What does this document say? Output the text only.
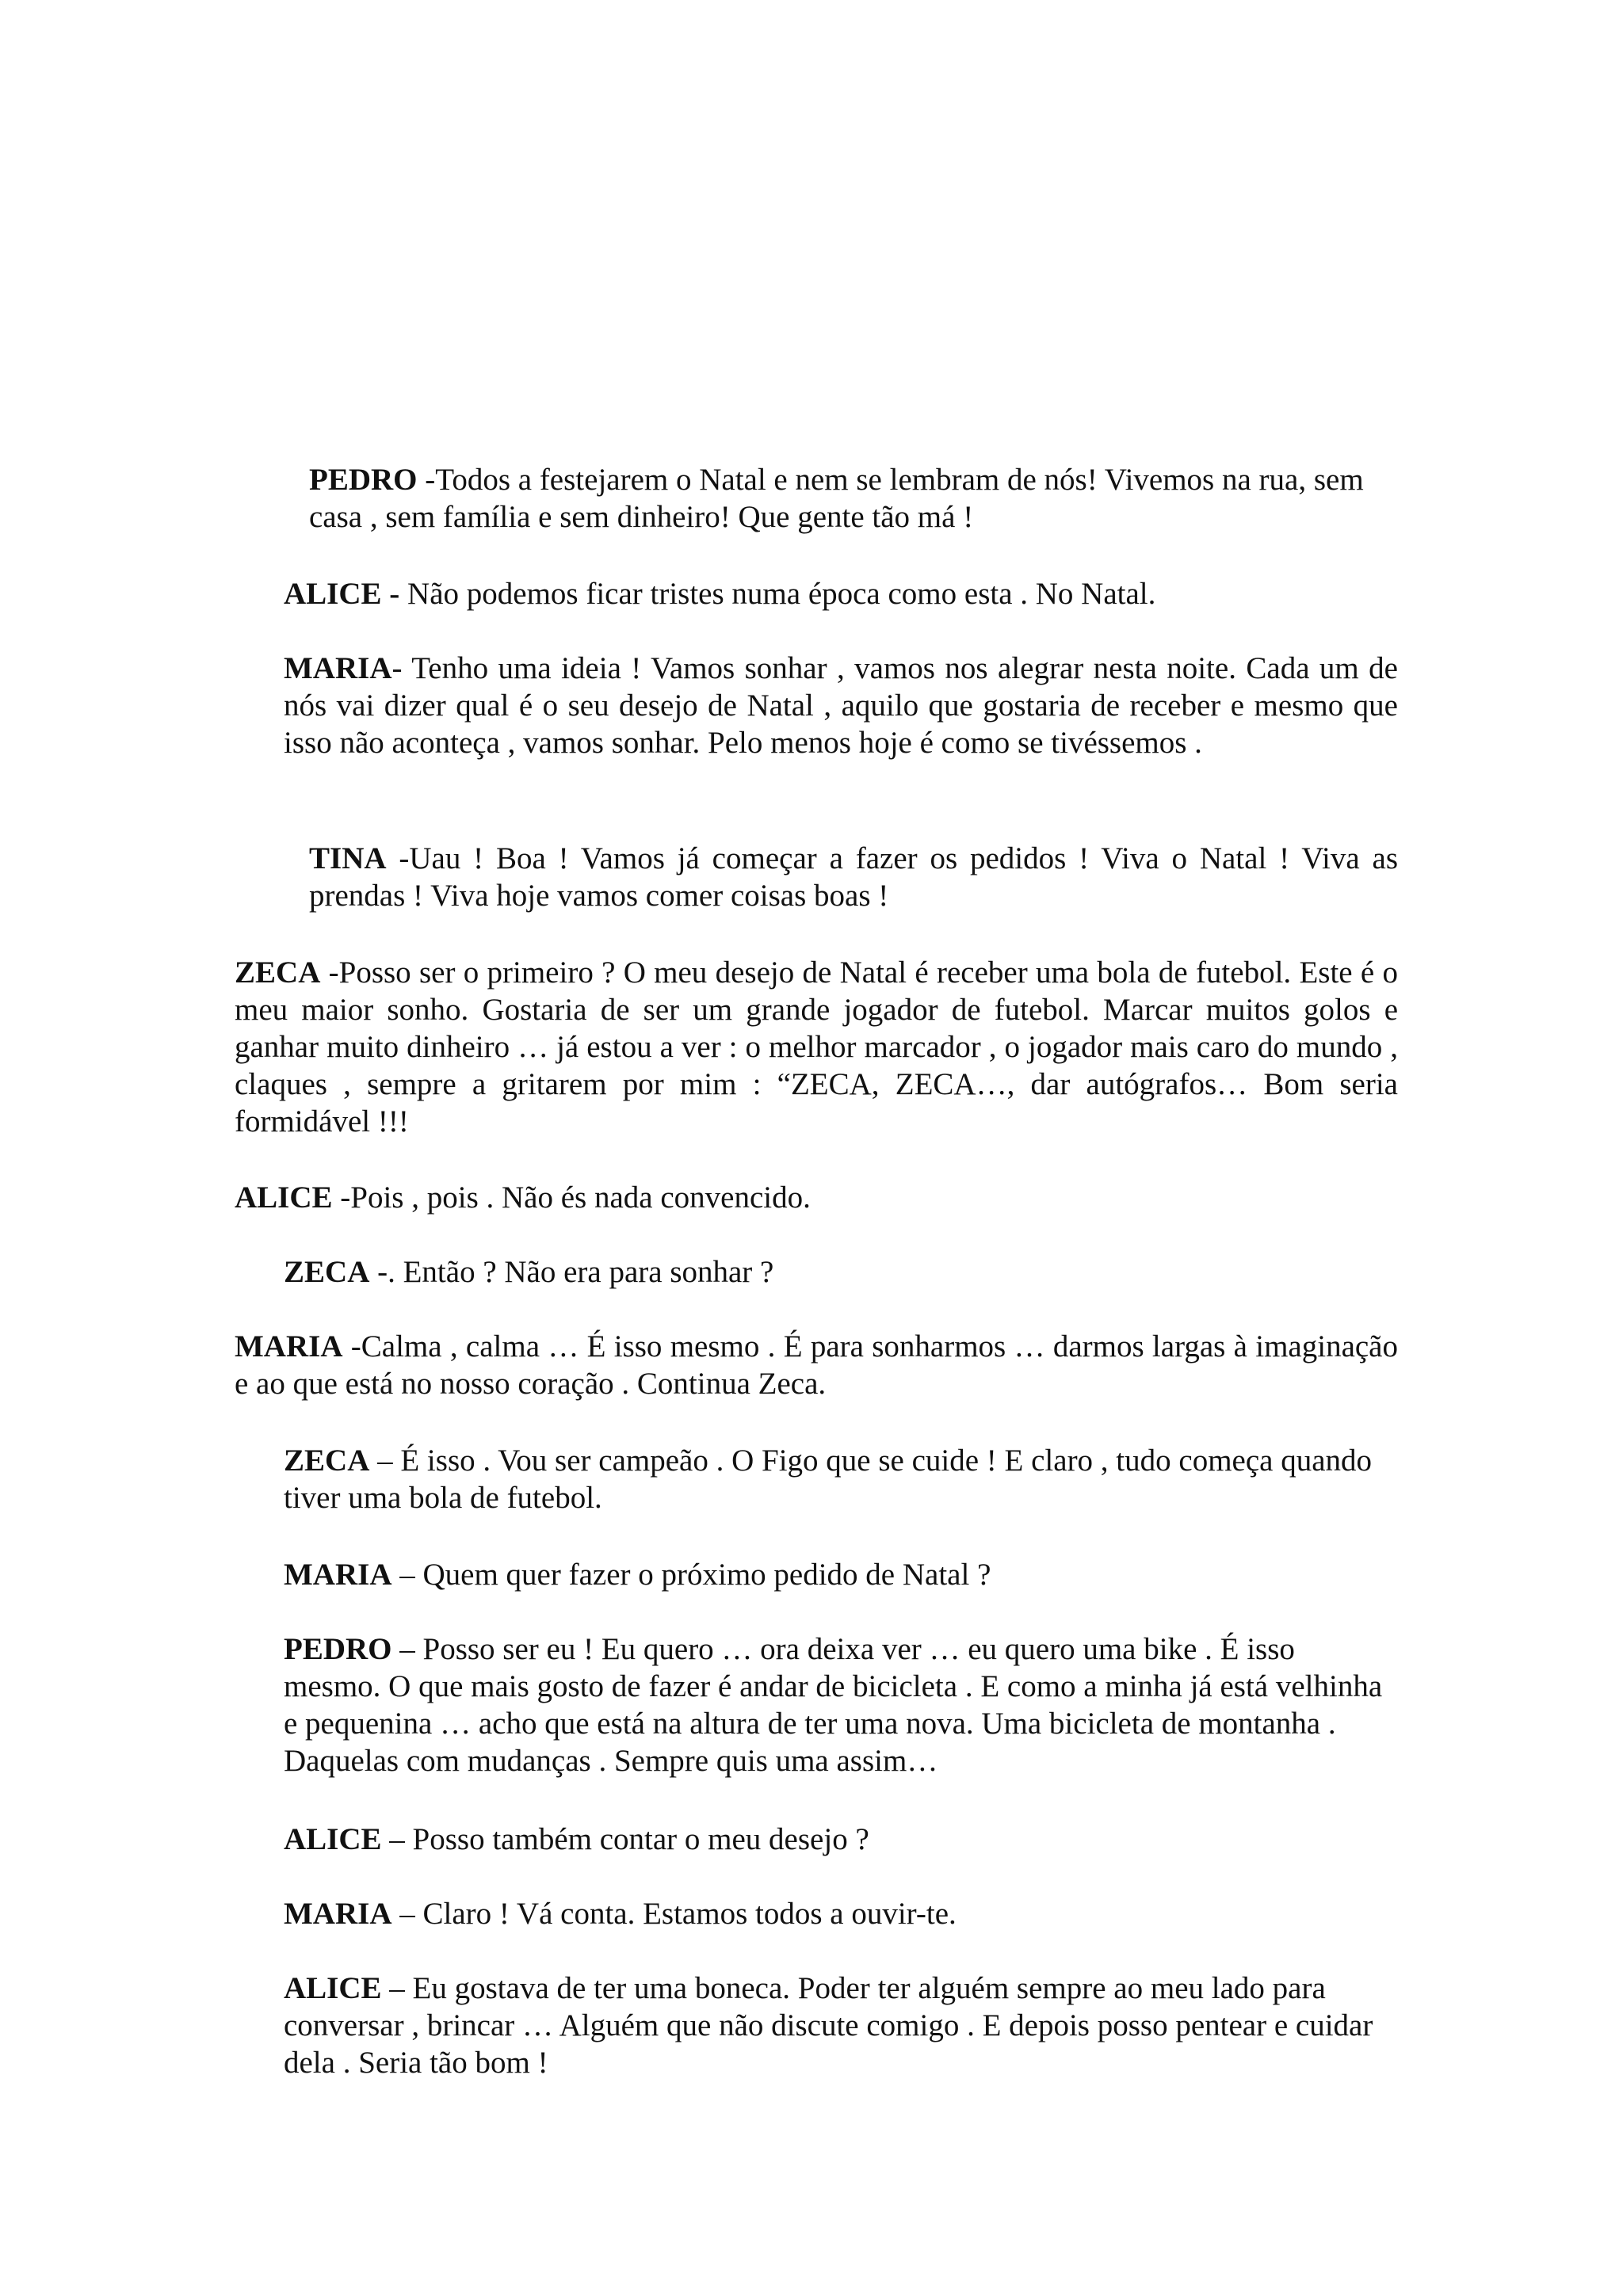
PEDRO -Todos a festejarem o Natal e nem se lembram de nós! Vivemos na rua, sem casa , sem família e sem dinheiro! Que gente tão má !

ALICE - Não podemos ficar tristes numa época como esta . No Natal.

MARIA- Tenho uma ideia ! Vamos sonhar , vamos nos alegrar nesta noite. Cada um de nós vai dizer qual é o seu desejo de Natal , aquilo que gostaria de receber e mesmo que isso não aconteça , vamos sonhar. Pelo menos hoje é como se tivéssemos .

TINA -Uau ! Boa ! Vamos já começar a fazer os pedidos ! Viva o Natal ! Viva as prendas ! Viva hoje vamos comer coisas boas !

ZECA -Posso ser o primeiro ? O meu desejo de Natal é receber uma bola de futebol. Este é o meu maior sonho. Gostaria de ser um grande jogador de futebol. Marcar muitos golos e ganhar muito dinheiro … já estou a ver : o melhor marcador , o jogador mais caro do mundo , claques , sempre a gritarem por mim : “ZECA, ZECA…, dar autógrafos… Bom seria formidável !!!

ALICE -Pois , pois . Não és nada convencido.

ZECA -. Então ? Não era para sonhar ?

MARIA -Calma , calma … É isso mesmo . É para sonharmos … darmos largas à imaginação e ao que está no nosso coração . Continua Zeca.

ZECA – É isso . Vou ser campeão . O Figo que se cuide ! E claro , tudo começa quando tiver uma bola de futebol.

MARIA – Quem quer fazer o próximo pedido de Natal ?

PEDRO – Posso ser eu ! Eu quero … ora deixa ver … eu quero uma bike . É isso mesmo. O que mais gosto de fazer é andar de bicicleta . E como a minha já está velhinha e pequenina … acho que está na altura de ter uma nova. Uma bicicleta de montanha . Daquelas com mudanças . Sempre quis uma assim…

ALICE – Posso também contar o meu desejo ?

MARIA – Claro ! Vá conta. Estamos todos a ouvir-te.

ALICE – Eu gostava de ter uma boneca. Poder ter alguém sempre ao meu lado para conversar , brincar … Alguém que não discute comigo . E depois posso pentear e cuidar dela . Seria tão bom !
